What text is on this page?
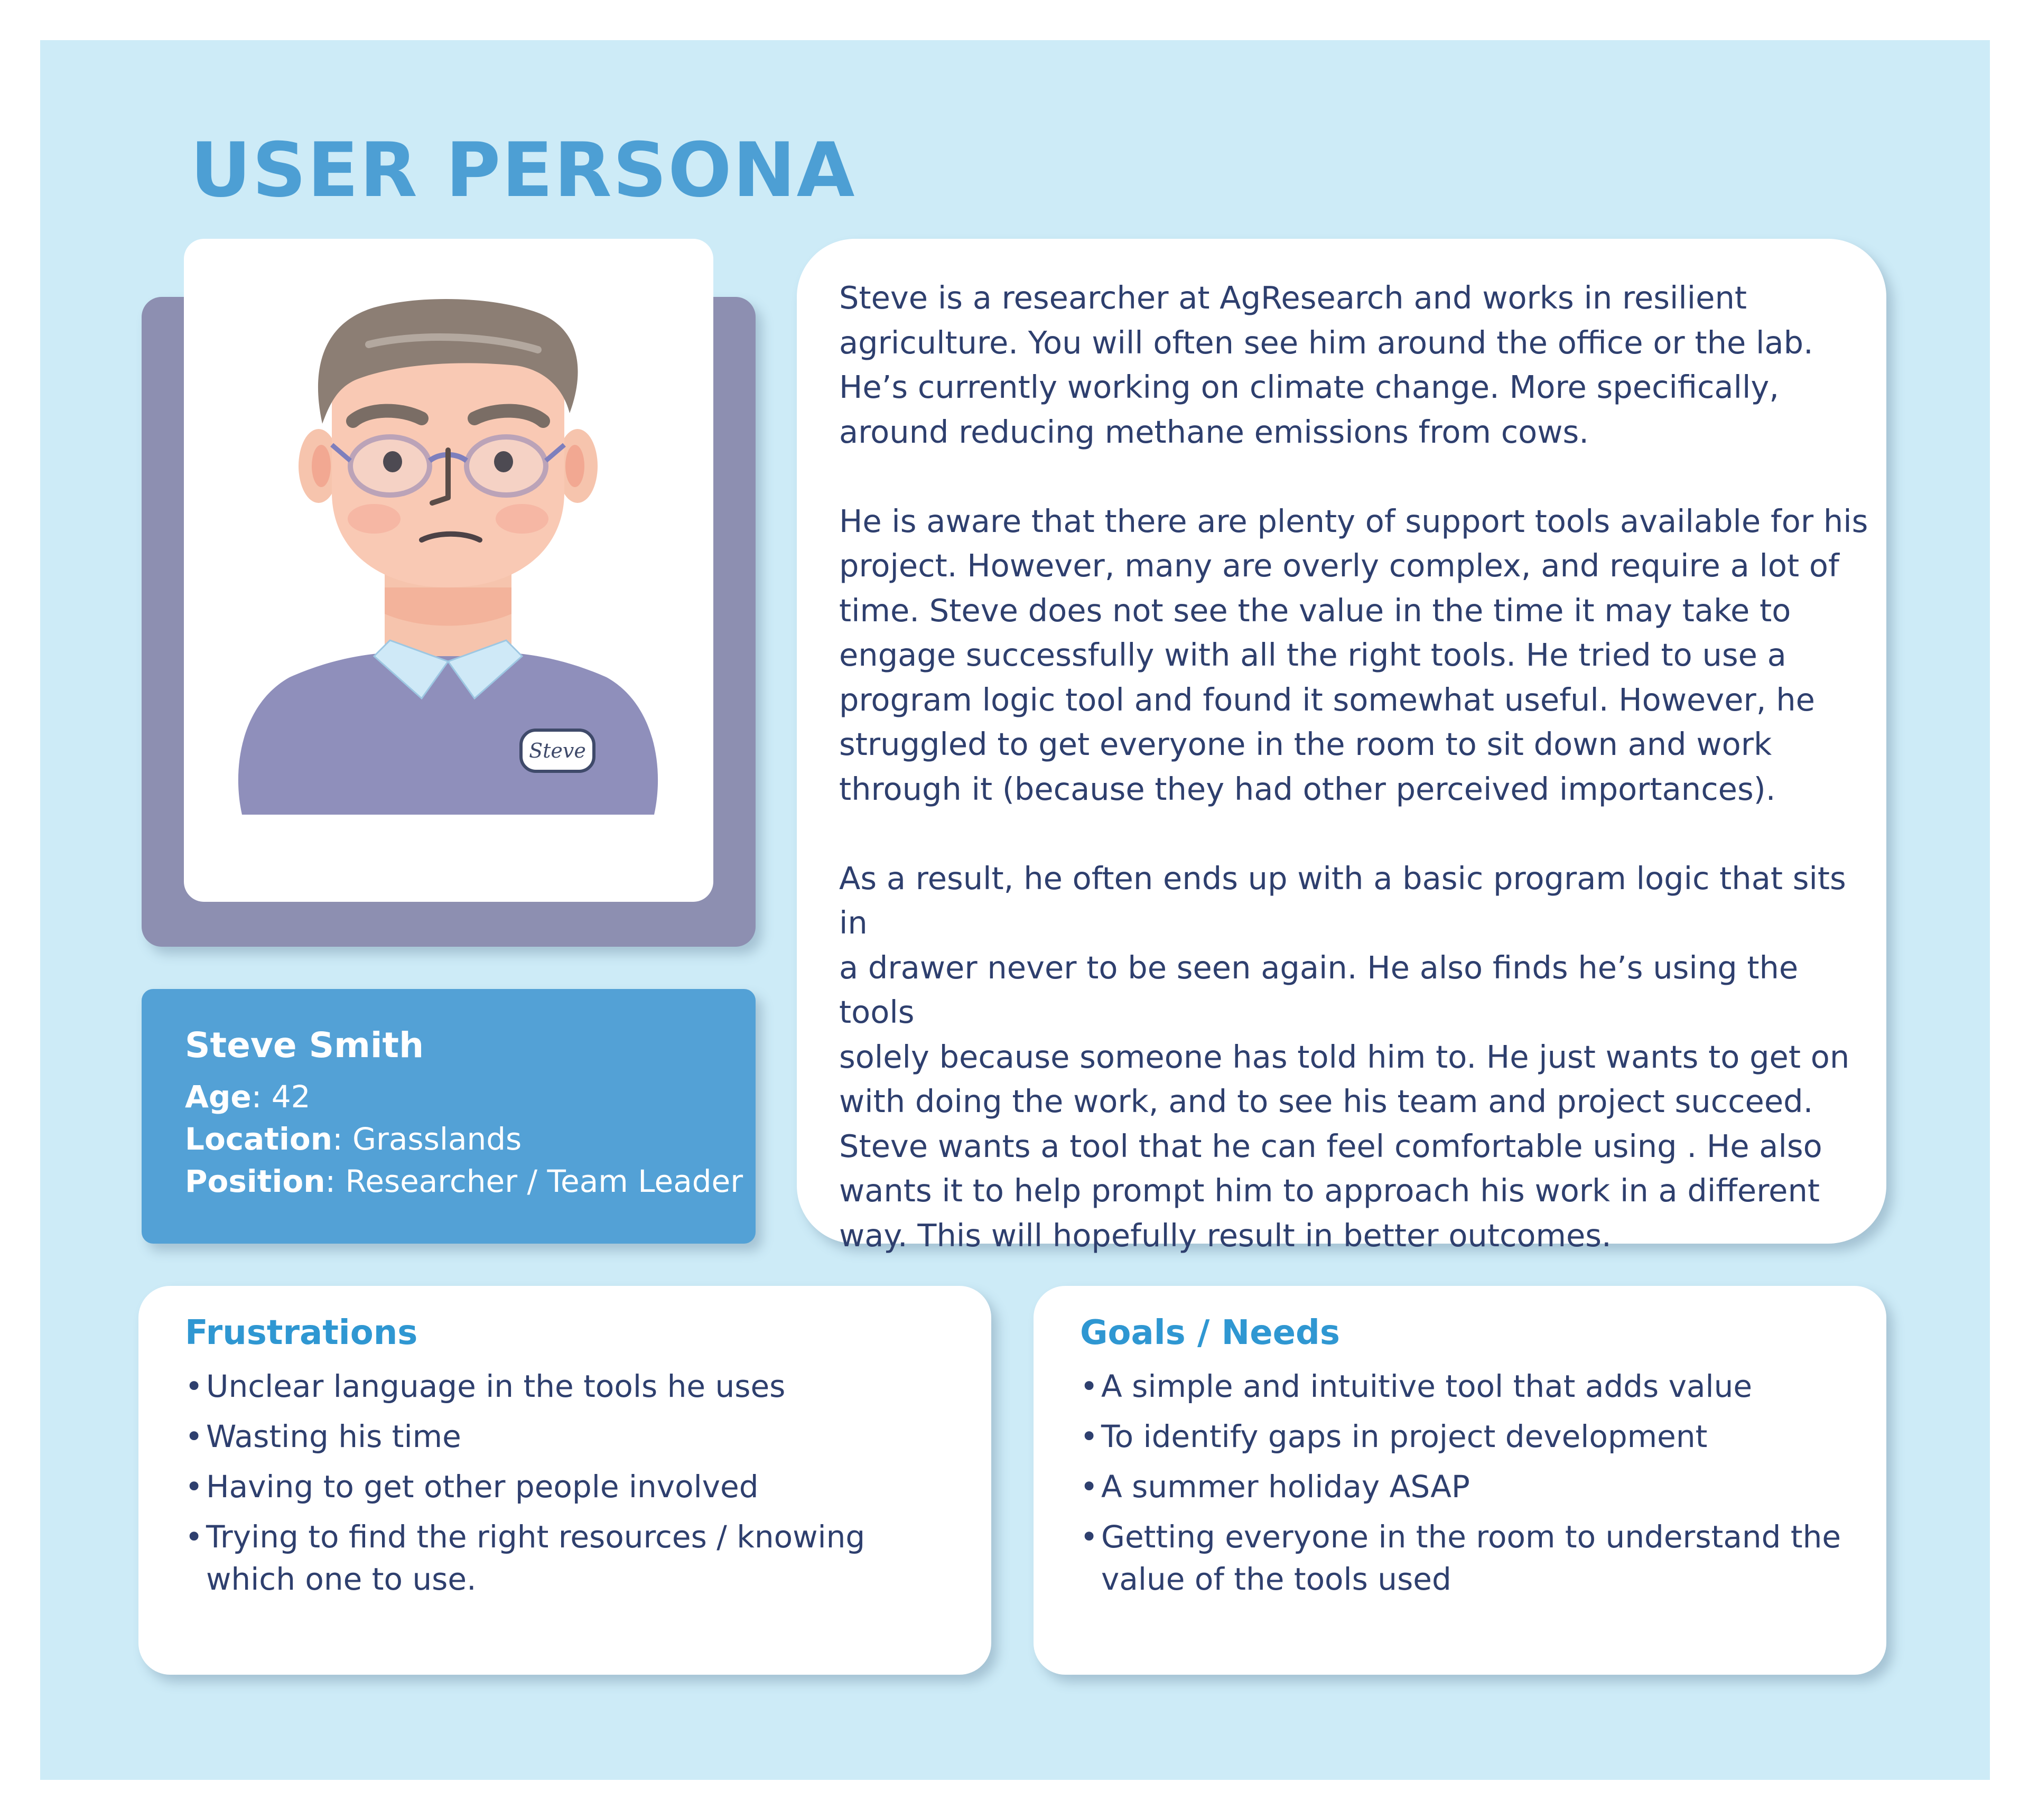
USER PERSONA
Steve
Steve Smith
Age: 42
Location: Grasslands
Position: Researcher / Team Leader

Steve is a researcher at AgResearch and works in resilient
agriculture. You will often see him around the office or the lab.
He’s currently working on climate change. More specifically,
around reducing methane emissions from cows.

He is aware that there are plenty of support tools available for his
project. However, many are overly complex, and require a lot of
time. Steve does not see the value in the time it may take to
engage successfully with all the right tools. He tried to use a
program logic tool and found it somewhat useful. However, he
struggled to get everyone in the room to sit down and work
through it (because they had other perceived importances).

As a result, he often ends up with a basic program logic that sits in
a drawer never to be seen again. He also finds he’s using the tools
solely because someone has told him to. He just wants to get on
with doing the work, and to see his team and project succeed.
Steve wants a tool that he can feel comfortable using . He also
wants it to help prompt him to approach his work in a different
way. This will hopefully result in better outcomes.

Frustrations
• Unclear language in the tools he uses
• Wasting his time
• Having to get other people involved
• Trying to find the right resources / knowing
which one to use.
Goals / Needs
• A simple and intuitive tool that adds value
• To identify gaps in project development
• A summer holiday ASAP
• Getting everyone in the room to understand the
value of the tools used
